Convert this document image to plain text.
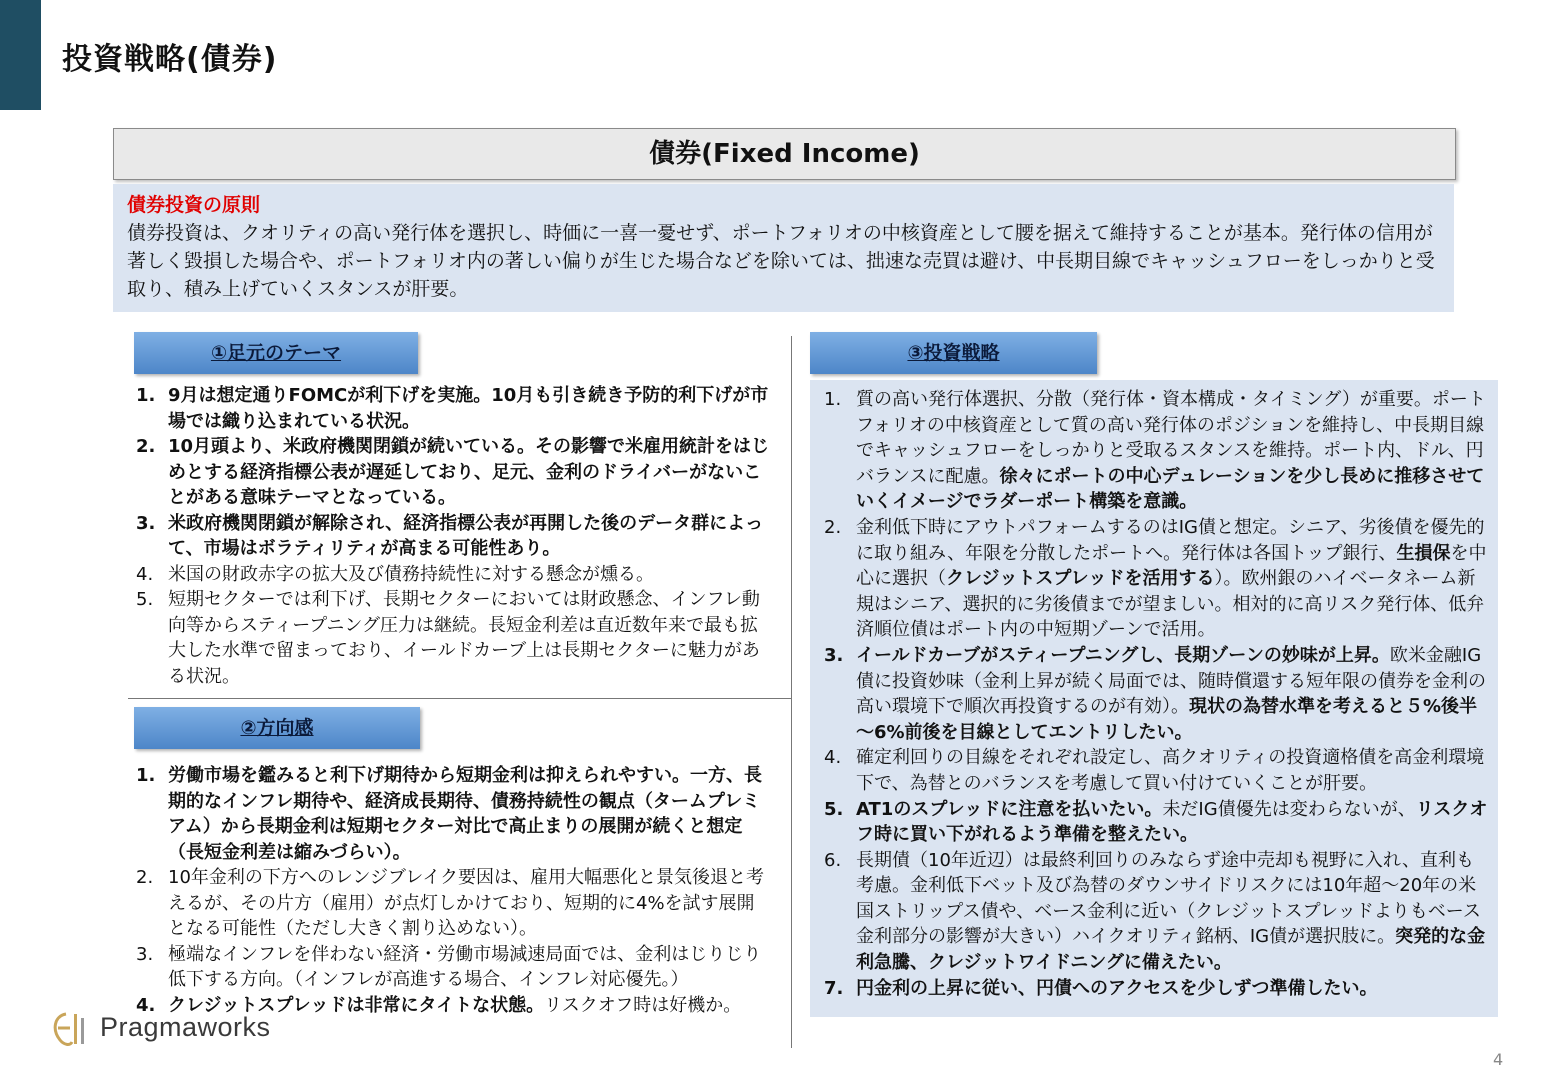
投資戦略(債券)
債券(Fixed Income)
債券投資の原則
債券投資は、クオリティの高い発行体を選択し、時価に一喜一憂せず、ポートフォリオの中核資産として腰を据えて維持することが基本。発行体の信用が著しく毀損した場合や、ポートフォリオ内の著しい偏りが生じた場合などを除いては、拙速な売買は避け、中長期目線でキャッシュフローをしっかりと受取り、積み上げていくスタンスが肝要。
①足元のテーマ
1. 9月は想定通りFOMCが利下げを実施。10月も引き続き予防的利下げが市場では織り込まれている状況。
2. 10月頭より、米政府機関閉鎖が続いている。その影響で米雇用統計をはじめとする経済指標公表が遅延しており、足元、金利のドライバーがないことがある意味テーマとなっている。
3. 米政府機関閉鎖が解除され、経済指標公表が再開した後のデータ群によって、市場はボラティリティが高まる可能性あり。
4. 米国の財政赤字の拡大及び債務持続性に対する懸念が燻る。
5. 短期セクターでは利下げ、長期セクターにおいては財政懸念、インフレ動向等からスティープニング圧力は継続。長短金利差は直近数年来で最も拡大した水準で留まっており、イールドカーブ上は長期セクターに魅力がある状況。
②方向感
1. 労働市場を鑑みると利下げ期待から短期金利は抑えられやすい。一方、長期的なインフレ期待や、経済成長期待、債務持続性の観点（タームプレミアム）から長期金利は短期セクター対比で高止まりの展開が続くと想定（長短金利差は縮みづらい）。
2. 10年金利の下方へのレンジブレイク要因は、雇用大幅悪化と景気後退と考えるが、その片方（雇用）が点灯しかけており、短期的に4%を試す展開となる可能性（ただし大きく割り込めない）。
3. 極端なインフレを伴わない経済・労働市場減速局面では、金利はじりじり低下する方向。（インフレが高進する場合、インフレ対応優先。）
4. クレジットスプレッドは非常にタイトな状態。リスクオフ時は好機か。
③投資戦略
1. 質の高い発行体選択、分散（発行体・資本構成・タイミング）が重要。ポートフォリオの中核資産として質の高い発行体のポジションを維持し、中長期目線でキャッシュフローをしっかりと受取るスタンスを維持。ポート内、ドル、円バランスに配慮。徐々にポートの中心デュレーションを少し長めに推移させていくイメージでラダーポート構築を意識。
2. 金利低下時にアウトパフォームするのはIG債と想定。シニア、劣後債を優先的に取り組み、年限を分散したポートへ。発行体は各国トップ銀行、生損保を中心に選択（クレジットスプレッドを活用する）。欧州銀のハイベータネーム新規はシニア、選択的に劣後債までが望ましい。相対的に高リスク発行体、低弁済順位債はポート内の中短期ゾーンで活用。
3. イールドカーブがスティープニングし、長期ゾーンの妙味が上昇。欧米金融IG債に投資妙味（金利上昇が続く局面では、随時償還する短年限の債券を金利の高い環境下で順次再投資するのが有効）。現状の為替水準を考えると５%後半～6%前後を目線としてエントリしたい。
4. 確定利回りの目線をそれぞれ設定し、高クオリティの投資適格債を高金利環境下で、為替とのバランスを考慮して買い付けていくことが肝要。
5. AT1のスプレッドに注意を払いたい。未だIG債優先は変わらないが、リスクオフ時に買い下がれるよう準備を整えたい。
6. 長期債（10年近辺）は最終利回りのみならず途中売却も視野に入れ、直利も考慮。金利低下ベット及び為替のダウンサイドリスクには10年超～20年の米国ストリップス債や、ベース金利に近い（クレジットスプレッドよりもベース金利部分の影響が大きい）ハイクオリティ銘柄、IG債が選択肢に。突発的な金利急騰、クレジットワイドニングに備えたい。
7. 円金利の上昇に従い、円債へのアクセスを少しずつ準備したい。
Pragmaworks
4
